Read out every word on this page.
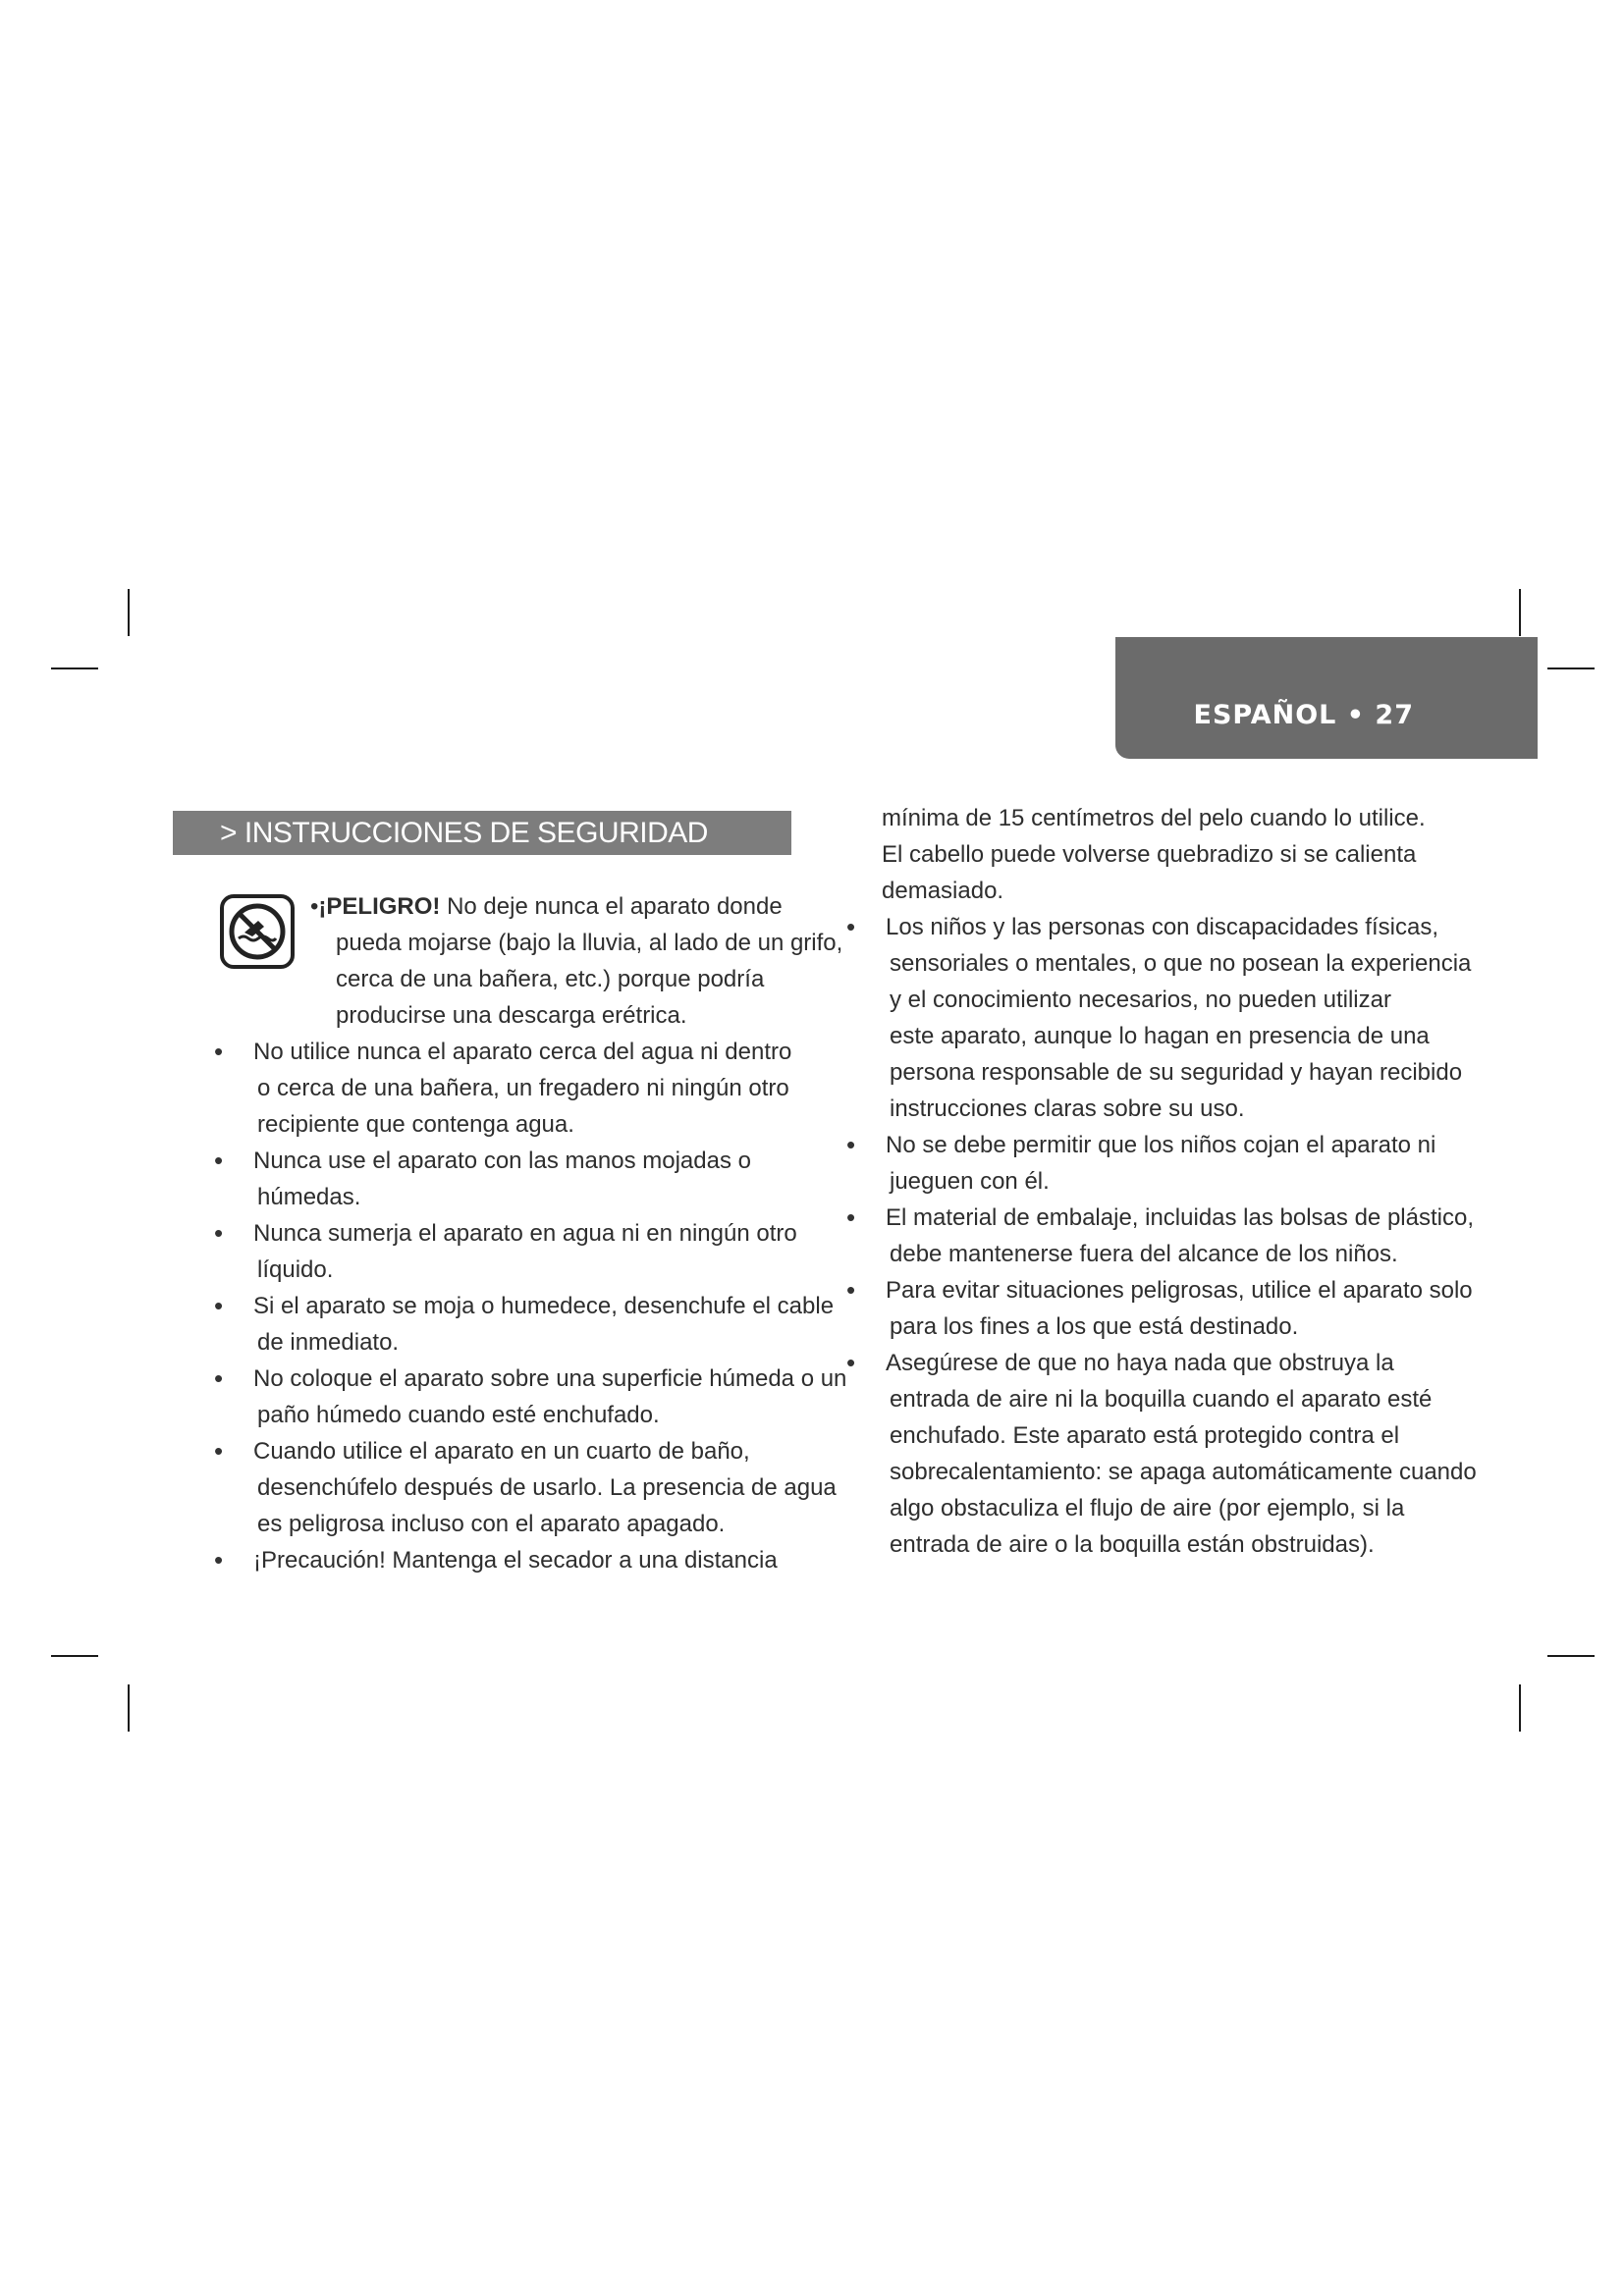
ESPAÑOL • 27
> INSTRUCCIONES DE SEGURIDAD
•¡PELIGRO! No deje nunca el aparato donde
pueda mojarse (bajo la lluvia, al lado de un grifo,
cerca de una bañera, etc.) porque podría
producirse una descarga erétrica.
• No utilice nunca el aparato cerca del agua ni dentro
o cerca de una bañera, un fregadero ni ningún otro
recipiente que contenga agua.
• Nunca use el aparato con las manos mojadas o
húmedas.
• Nunca sumerja el aparato en agua ni en ningún otro
líquido.
• Si el aparato se moja o humedece, desenchufe el cable
de inmediato.
• No coloque el aparato sobre una superficie húmeda o un
paño húmedo cuando esté enchufado.
• Cuando utilice el aparato en un cuarto de baño,
desenchúfelo después de usarlo. La presencia de agua
es peligrosa incluso con el aparato apagado.
• ¡Precaución! Mantenga el secador a una distancia
mínima de 15 centímetros del pelo cuando lo utilice.
El cabello puede volverse quebradizo si se calienta
demasiado.
• Los niños y las personas con discapacidades físicas,
sensoriales o mentales, o que no posean la experiencia
y el conocimiento necesarios, no pueden utilizar
este aparato, aunque lo hagan en presencia de una
persona responsable de su seguridad y hayan recibido
instrucciones claras sobre su uso.
• No se debe permitir que los niños cojan el aparato ni
jueguen con él.
• El material de embalaje, incluidas las bolsas de plástico,
debe mantenerse fuera del alcance de los niños.
• Para evitar situaciones peligrosas, utilice el aparato solo
para los fines a los que está destinado.
• Asegúrese de que no haya nada que obstruya la
entrada de aire ni la boquilla cuando el aparato esté
enchufado. Este aparato está protegido contra el
sobrecalentamiento: se apaga automáticamente cuando
algo obstaculiza el flujo de aire (por ejemplo, si la
entrada de aire o la boquilla están obstruidas).
